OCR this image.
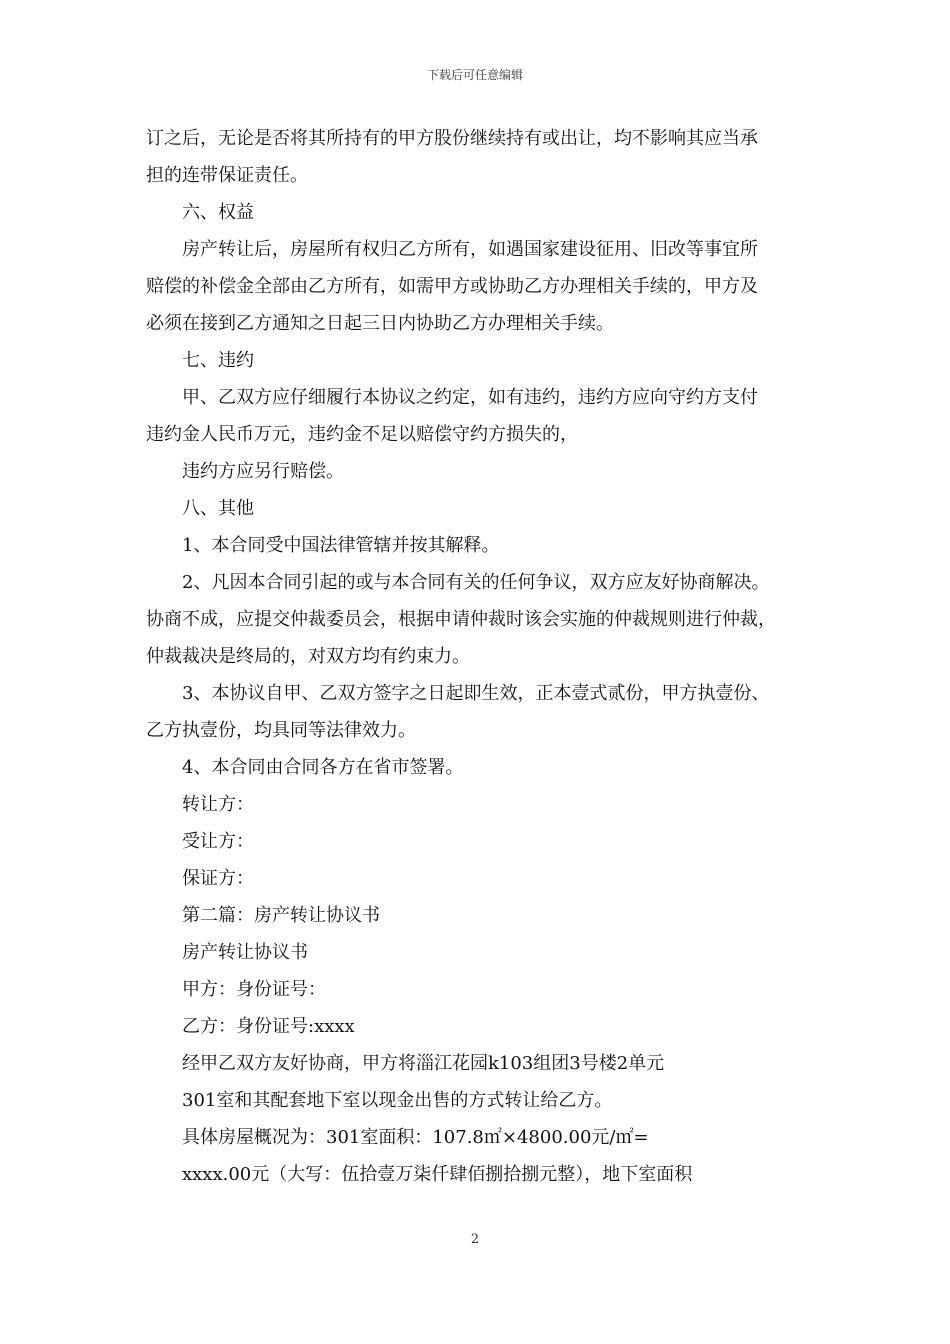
下载后可任意编辑
订之后，无论是否将其所持有的甲方股份继续持有或出让，均不影响其应当承
担的连带保证责任。
六、权益
房产转让后，房屋所有权归乙方所有，如遇国家建设征用、旧改等事宜所
赔偿的补偿金全部由乙方所有，如需甲方或协助乙方办理相关手续的，甲方及
必须在接到乙方通知之日起三日内协助乙方办理相关手续。
七、违约
甲、乙双方应仔细履行本协议之约定，如有违约，违约方应向守约方支付
违约金人民币万元，违约金不足以赔偿守约方损失的，
违约方应另行赔偿。
八、其他
1、本合同受中国法律管辖并按其解释。
2、凡因本合同引起的或与本合同有关的任何争议，双方应友好协商解决。
协商不成，应提交仲裁委员会，根据申请仲裁时该会实施的仲裁规则进行仲裁，
仲裁裁决是终局的，对双方均有约束力。
3、本协议自甲、乙双方签字之日起即生效，正本壹式贰份，甲方执壹份、
乙方执壹份，均具同等法律效力。
4、本合同由合同各方在省市签署。
转让方：
受让方：
保证方：
第二篇：房产转让协议书
房产转让协议书
甲方：身份证号：
乙方：身份证号:xxxx
经甲乙双方友好协商，甲方将淄江花园k103组团3号楼2单元
301室和其配套地下室以现金出售的方式转让给乙方。
具体房屋概况为：301室面积：107.8㎡×4800.00元/㎡=
xxxx.00元（大写：伍拾壹万柒仟肆佰捌拾捌元整），地下室面积
2
